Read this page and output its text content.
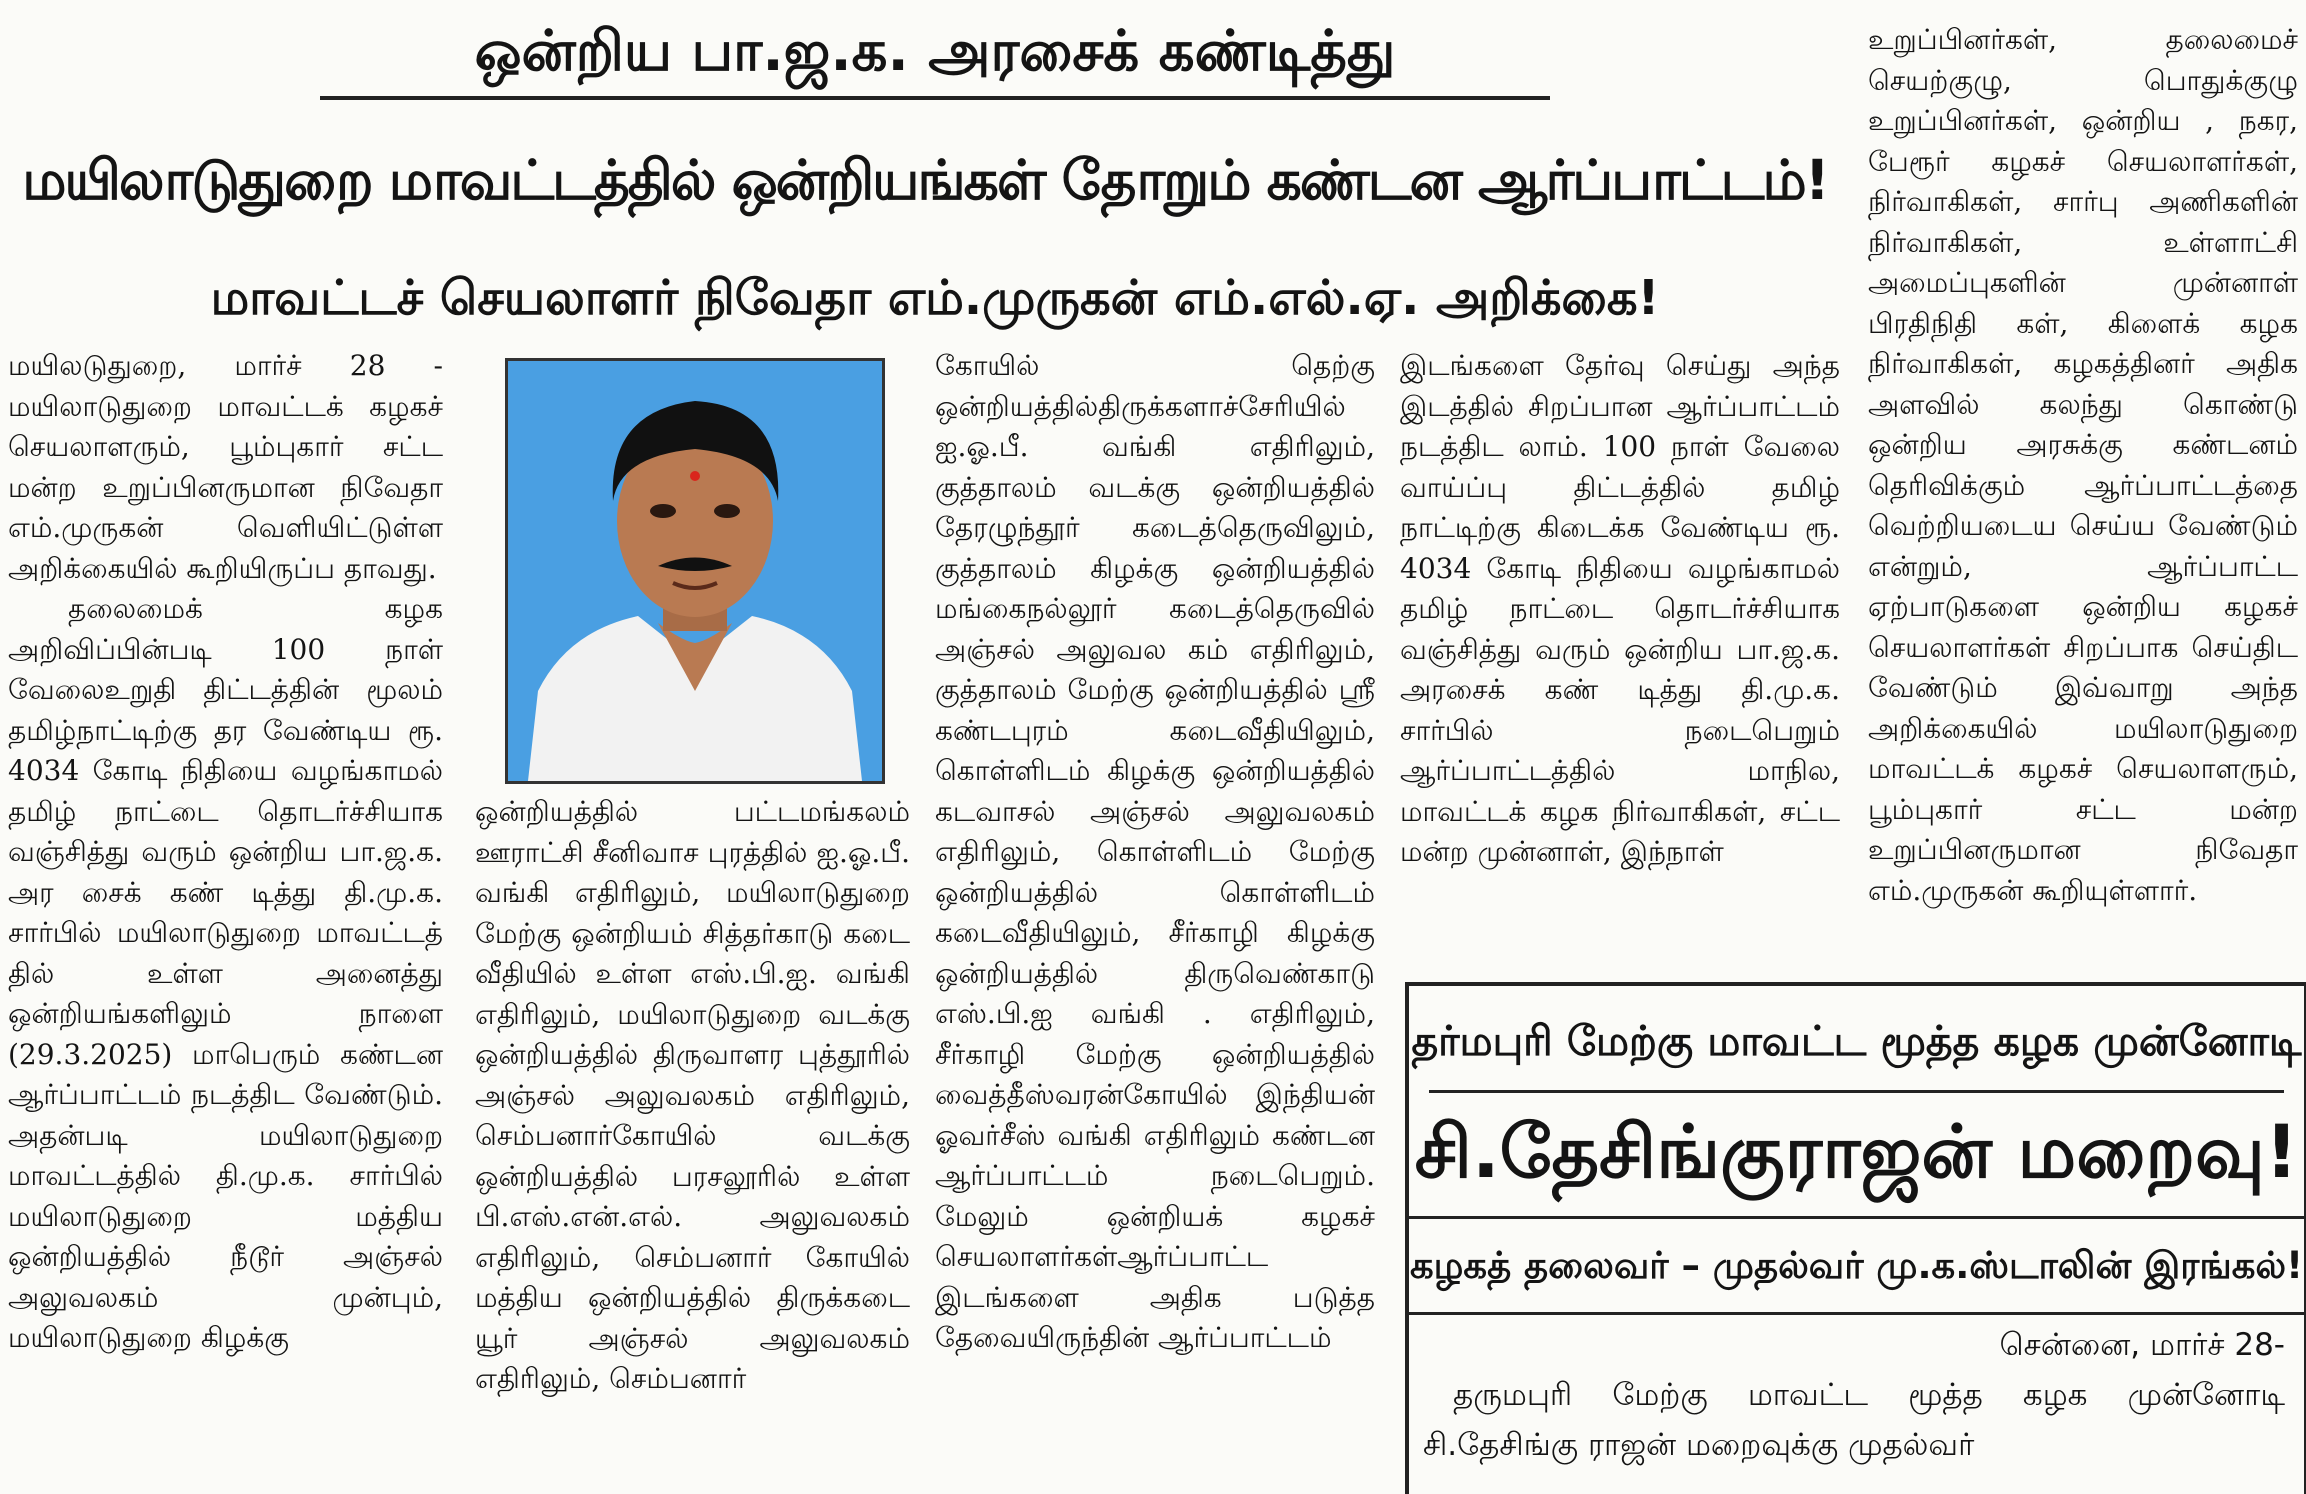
ஒன்றிய பா.ஜ.க. அரசைக் கண்டித்து
மயிலாடுதுறை மாவட்டத்தில் ஒன்றியங்கள் தோறும் கண்டன ஆர்ப்பாட்டம்!
மாவட்டச் செயலாளர் நிவேதா எம்.முருகன் எம்.எல்.ஏ. அறிக்கை!

மயிலடுதுறை, மார்ச் 28 - மயிலாடுதுறை மாவட்டக் கழகச் செயலாளரும், பூம்புகார் சட்ட மன்ற உறுப்பினருமான நிவேதா எம்.முருகன் வெளியிட்டுள்ள அறிக்கையில் கூறியிருப்ப தாவது.

தலைமைக் கழக அறிவிப்பின்படி 100 நாள் வேலைஉறுதி திட்டத்தின் மூலம் தமிழ்நாட்டிற்கு தர வேண்டிய ரூ. 4034 கோடி நிதியை வழங்காமல் தமிழ் நாட்டை தொடர்ச்சியாக வஞ்சித்து வரும் ஒன்றிய பா.ஜ.க. அர சைக் கண் டித்து தி.மு.க. சார்பில் மயிலாடுதுறை மாவட்டத் தில் உள்ள அனைத்து ஒன்றியங்களிலும் நாளை (29.3.2025) மாபெரும் கண்டன ஆர்ப்பாட்டம் நடத்திட வேண்டும். அதன்படி மயிலாடுதுறை மாவட்டத்தில் தி.மு.க. சார்பில் மயிலாடுதுறை மத்திய ஒன்றியத்தில் நீடூர் அஞ்சல் அலுவலகம் முன்பும், மயிலாடுதுறை கிழக்கு

ஒன்றியத்தில் பட்டமங்கலம் ஊராட்சி சீனிவாச புரத்தில் ஐ.ஓ.பீ. வங்கி எதிரிலும், மயிலாடுதுறை மேற்கு ஒன்றியம் சித்தர்காடு கடை வீதியில் உள்ள எஸ்.பி.ஐ. வங்கி எதிரிலும், மயிலாடுதுறை வடக்கு ஒன்றியத்தில் திருவாளர புத்தூரில் அஞ்சல் அலுவலகம் எதிரிலும், செம்பனார்கோயில் வடக்கு ஒன்றியத்தில் பரசலூரில் உள்ள பி.எஸ்.என்.எல். அலுவலகம் எதிரிலும், செம்பனார் கோயில் மத்திய ஒன்றியத்தில் திருக்கடை யூர் அஞ்சல் அலுவலகம் எதிரிலும், செம்பனார்

கோயில் தெற்கு ஒன்றியத்தில்திருக்களாச்சேரியில் ஐ.ஓ.பீ. வங்கி எதிரிலும், குத்தாலம் வடக்கு ஒன்றியத்தில் தேரழுந்தூர் கடைத்தெருவிலும், குத்தாலம் கிழக்கு ஒன்றியத்தில் மங்கைநல்லூர் கடைத்தெருவில் அஞ்சல் அலுவல கம் எதிரிலும், குத்தாலம் மேற்கு ஒன்றியத்தில் ஸ்ரீ கண்டபுரம் கடைவீதியிலும், கொள்ளிடம் கிழக்கு ஒன்றியத்தில் கடவாசல் அஞ்சல் அலுவலகம் எதிரிலும், கொள்ளிடம் மேற்கு ஒன்றியத்தில் கொள்ளிடம் கடைவீதியிலும், சீர்காழி கிழக்கு ஒன்றியத்தில் திருவெண்காடு எஸ்.பி.ஐ வங்கி . எதிரிலும், சீர்காழி மேற்கு ஒன்றியத்தில் வைத்தீஸ்வரன்கோயில் இந்தியன் ஓவர்சீஸ் வங்கி எதிரிலும் கண்டன ஆர்ப்பாட்டம் நடைபெறும். மேலும் ஒன்றியக் கழகச் செயலாளர்கள்ஆர்ப்பாட்ட இடங்களை அதிக படுத்த தேவையிருந்தின் ஆர்ப்பாட்டம்

இடங்களை தேர்வு செய்து அந்த இடத்தில் சிறப்பான ஆர்ப்பாட்டம் நடத்திட லாம். 100 நாள் வேலை வாய்ப்பு திட்டத்தில் தமிழ் நாட்டிற்கு கிடைக்க வேண்டிய ரூ. 4034 கோடி நிதியை வழங்காமல் தமிழ் நாட்டை தொடர்ச்சியாக வஞ்சித்து வரும் ஒன்றிய பா.ஜ.க. அரசைக் கண் டித்து தி.மு.க. சார்பில் நடைபெறும் ஆர்ப்பாட்டத்தில் மாநில, மாவட்டக் கழக நிர்வாகிகள், சட்ட மன்ற முன்னாள், இந்நாள்

உறுப்பினர்கள், தலைமைச் செயற்குழு, பொதுக்குழு உறுப்பினர்கள், ஒன்றிய , நகர, பேரூர் கழகச் செயலாளர்கள், நிர்வாகிகள், சார்பு அணிகளின் நிர்வாகிகள், உள்ளாட்சி அமைப்புகளின் முன்னாள் பிரதிநிதி கள், கிளைக் கழக நிர்வாகிகள், கழகத்தினர் அதிக அளவில் கலந்து கொண்டு ஒன்றிய அரசுக்கு கண்டனம் தெரிவிக்கும் ஆர்ப்பாட்டத்தை வெற்றியடைய செய்ய வேண்டும் என்றும், ஆர்ப்பாட்ட ஏற்பாடுகளை ஒன்றிய கழகச் செயலாளர்கள் சிறப்பாக செய்திட வேண்டும் இவ்வாறு அந்த அறிக்கையில் மயிலாடுதுறை மாவட்டக் கழகச் செயலாளரும், பூம்புகார் சட்ட மன்ற உறுப்பினருமான நிவேதா எம்.முருகன் கூறியுள்ளார்.

தர்மபுரி மேற்கு மாவட்ட மூத்த கழக முன்னோடி
சி.தேசிங்குராஜன் மறைவு!
கழகத் தலைவர் – முதல்வர் மு.க.ஸ்டாலின் இரங்கல்!
சென்னை, மார்ச் 28-
தருமபுரி மேற்கு மாவட்ட மூத்த கழக முன்னோடி சி.தேசிங்கு ராஜன் மறைவுக்கு முதல்வர்
